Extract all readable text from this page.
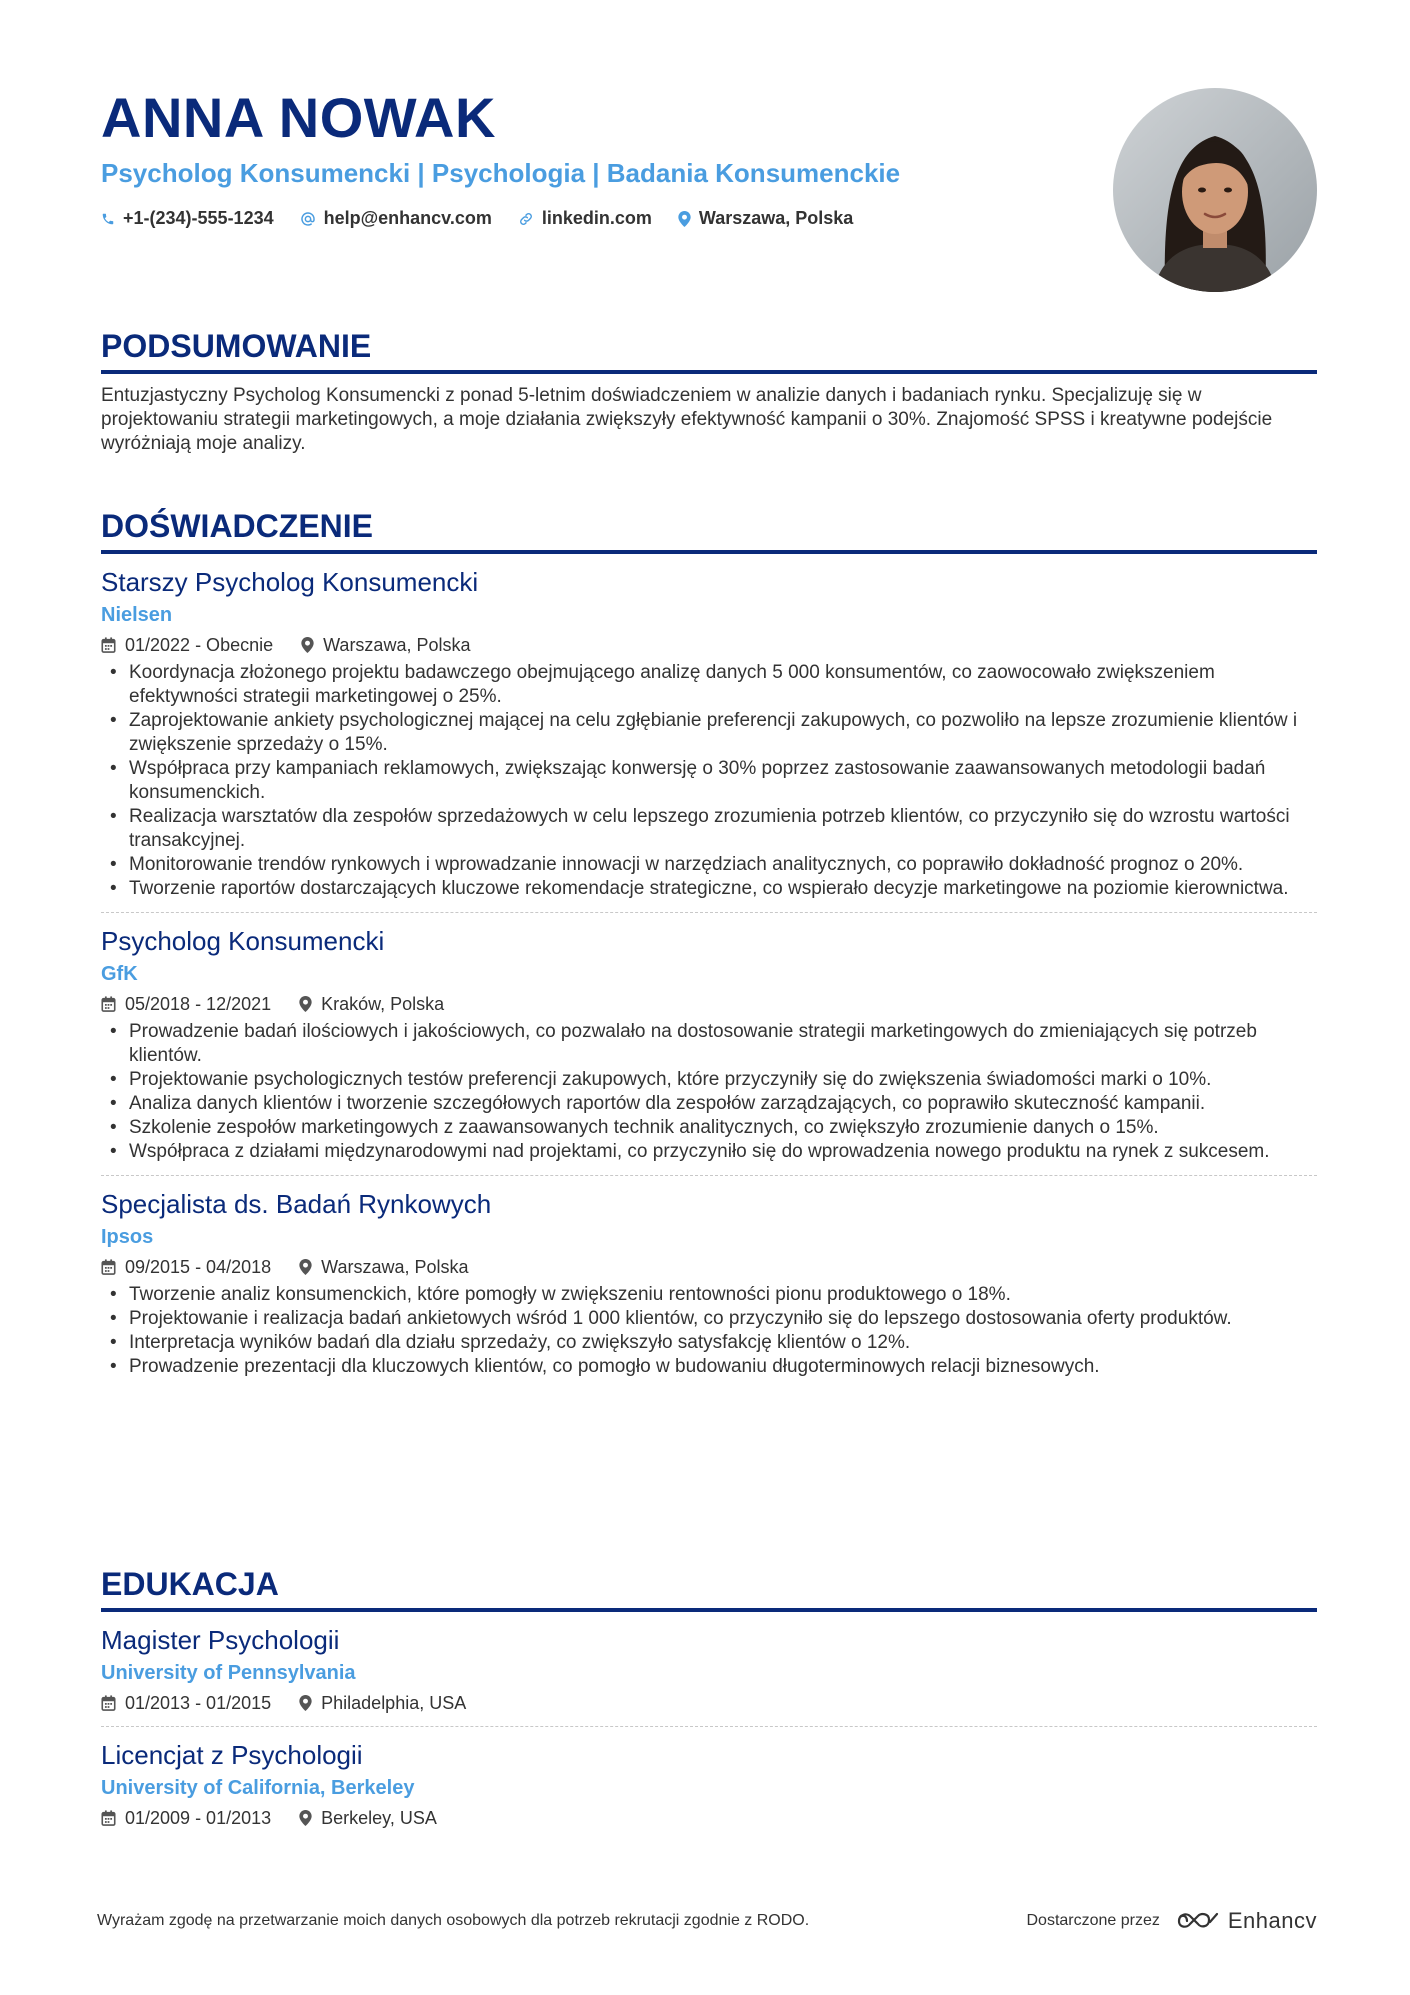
ANNA NOWAK
Psycholog Konsumencki | Psychologia | Badania Konsumenckie
+1-(234)-555-1234	help@enhancv.com	linkedin.com	Warszawa, Polska
PODSUMOWANIE
Entuzjastyczny Psycholog Konsumencki z ponad 5-letnim doświadczeniem w analizie danych i badaniach rynku. Specjalizuję się w projektowaniu strategii marketingowych, a moje działania zwiększyły efektywność kampanii o 30%. Znajomość SPSS i kreatywne podejście wyróżniają moje analizy.
DOŚWIADCZENIE
Starszy Psycholog Konsumencki
Nielsen
01/2022 - Obecnie	Warszawa, Polska
• Koordynacja złożonego projektu badawczego obejmującego analizę danych 5 000 konsumentów, co zaowocowało zwiększeniem efektywności strategii marketingowej o 25%.
• Zaprojektowanie ankiety psychologicznej mającej na celu zgłębianie preferencji zakupowych, co pozwoliło na lepsze zrozumienie klientów i zwiększenie sprzedaży o 15%.
• Współpraca przy kampaniach reklamowych, zwiększając konwersję o 30% poprzez zastosowanie zaawansowanych metodologii badań konsumenckich.
• Realizacja warsztatów dla zespołów sprzedażowych w celu lepszego zrozumienia potrzeb klientów, co przyczyniło się do wzrostu wartości transakcyjnej.
• Monitorowanie trendów rynkowych i wprowadzanie innowacji w narzędziach analitycznych, co poprawiło dokładność prognoz o 20%.
• Tworzenie raportów dostarczających kluczowe rekomendacje strategiczne, co wspierało decyzje marketingowe na poziomie kierownictwa.
Psycholog Konsumencki
GfK
05/2018 - 12/2021	Kraków, Polska
• Prowadzenie badań ilościowych i jakościowych, co pozwalało na dostosowanie strategii marketingowych do zmieniających się potrzeb klientów.
• Projektowanie psychologicznych testów preferencji zakupowych, które przyczyniły się do zwiększenia świadomości marki o 10%.
• Analiza danych klientów i tworzenie szczegółowych raportów dla zespołów zarządzających, co poprawiło skuteczność kampanii.
• Szkolenie zespołów marketingowych z zaawansowanych technik analitycznych, co zwiększyło zrozumienie danych o 15%.
• Współpraca z działami międzynarodowymi nad projektami, co przyczyniło się do wprowadzenia nowego produktu na rynek z sukcesem.
Specjalista ds. Badań Rynkowych
Ipsos
09/2015 - 04/2018	Warszawa, Polska
• Tworzenie analiz konsumenckich, które pomogły w zwiększeniu rentowności pionu produktowego o 18%.
• Projektowanie i realizacja badań ankietowych wśród 1 000 klientów, co przyczyniło się do lepszego dostosowania oferty produktów.
• Interpretacja wyników badań dla działu sprzedaży, co zwiększyło satysfakcję klientów o 12%.
• Prowadzenie prezentacji dla kluczowych klientów, co pomogło w budowaniu długoterminowych relacji biznesowych.
EDUKACJA
Magister Psychologii
University of Pennsylvania
01/2013 - 01/2015	Philadelphia, USA
Licencjat z Psychologii
University of California, Berkeley
01/2009 - 01/2013	Berkeley, USA
Wyrażam zgodę na przetwarzanie moich danych osobowych dla potrzeb rekrutacji zgodnie z RODO.	Dostarczone przez	Enhancv
